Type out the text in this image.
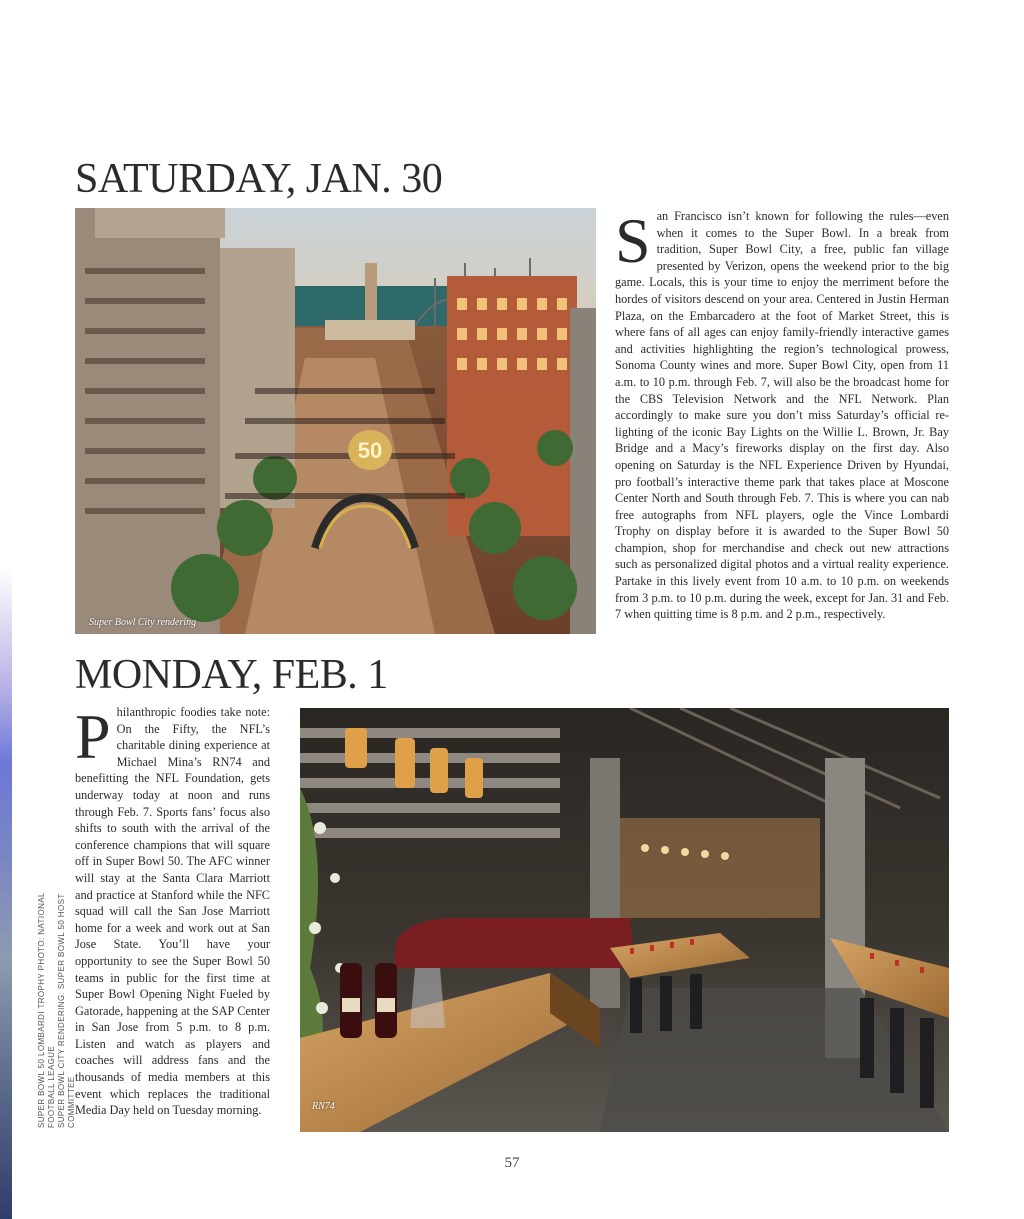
SUPER BOWL 50 LOMBARDI TROPHY PHOTO: NATIONAL FOOTBALL LEAGUE SUPER BOWL CITY RENDERING: SUPER BOWL 50 HOST COMMITTEE
SATURDAY, JAN. 30
50
Super Bowl City rendering

San Francisco isn’t known for following the rules—even when it comes to the Super Bowl. In a break from tradition, Super Bowl City, a free, public fan village presented by Verizon, opens the weekend prior to the big game. Locals, this is your time to enjoy the merriment before the hordes of visitors descend on your area. Centered in Justin Herman Plaza, on the Embarcadero at the foot of Market Street, this is where fans of all ages can enjoy family-friendly interactive games and activities highlighting the region’s technological prowess, Sonoma County wines and more. Super Bowl City, open from 11 a.m. to 10 p.m. through Feb. 7, will also be the broadcast home for the CBS Television Network and the NFL Network. Plan accordingly to make sure you don’t miss Saturday’s official re-lighting of the iconic Bay Lights on the Willie L. Brown, Jr. Bay Bridge and a Macy’s fireworks display on the first day. Also opening on Saturday is the NFL Experience Driven by Hyundai, pro football’s interactive theme park that takes place at Moscone Center North and South through Feb. 7. This is where you can nab free autographs from NFL players, ogle the Vince Lombardi Trophy on display before it is awarded to the Super Bowl 50 champion, shop for merchandise and check out new attractions such as personalized digital photos and a virtual reality experience. Partake in this lively event from 10 a.m. to 10 p.m. on weekends from 3 p.m. to 10 p.m. during the week, except for Jan. 31 and Feb. 7 when quitting time is 8 p.m. and 2 p.m., respectively.

MONDAY, FEB. 1

Philanthropic foodies take note: On the Fifty, the NFL’s charitable dining experience at Michael Mina’s RN74 and benefitting the NFL Foundation, gets underway today at noon and runs through Feb. 7. Sports fans’ focus also shifts to south with the arrival of the conference champions that will square off in Super Bowl 50. The AFC winner will stay at the Santa Clara Marriott and practice at Stanford while the NFC squad will call the San Jose Marriott home for a week and work out at San Jose State. You’ll have your opportunity to see the Super Bowl 50 teams in public for the first time at Super Bowl Opening Night Fueled by Gatorade, happening at the SAP Center in San Jose from 5 p.m. to 8 p.m. Listen and watch as players and coaches will address fans and the thousands of media members at this event which replaces the traditional Media Day held on Tuesday morning.	RN74
57
